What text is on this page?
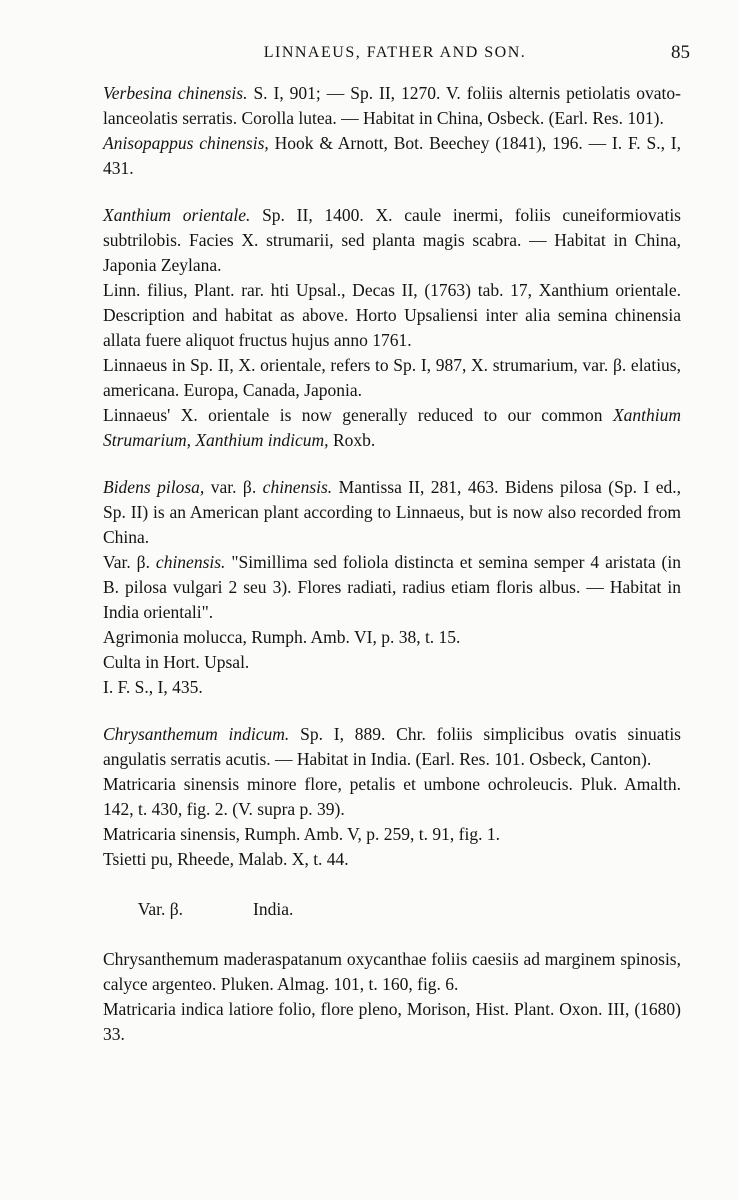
LINNAEUS, FATHER AND SON.	85

Verbesina chinensis. S. I, 901; — Sp. II, 1270. V. foliis alternis petiolatis ovato-lanceolatis serratis. Corolla lutea. — Habitat in China, Osbeck. (Earl. Res. 101).

Anisopappus chinensis, Hook & Arnott, Bot. Beechey (1841), 196. — I. F. S., I, 431.

Xanthium orientale. Sp. II, 1400. X. caule inermi, foliis cuneiformiovatis subtrilobis. Facies X. strumarii, sed planta magis scabra. — Habitat in China, Japonia Zeylana.

Linn. filius, Plant. rar. hti Upsal., Decas II, (1763) tab. 17, Xanthium orientale. Description and habitat as above. Horto Upsaliensi inter alia semina chinensia allata fuere aliquot fructus hujus anno 1761.

Linnaeus in Sp. II, X. orientale, refers to Sp. I, 987, X. strumarium, var. β. elatius, americana. Europa, Canada, Japonia.

Linnaeus' X. orientale is now generally reduced to our common Xanthium Strumarium, Xanthium indicum, Roxb.

Bidens pilosa, var. β. chinensis. Mantissa II, 281, 463. Bidens pilosa (Sp. I ed., Sp. II) is an American plant according to Linnaeus, but is now also recorded from China.

Var. β. chinensis. "Simillima sed foliola distincta et semina semper 4 aristata (in B. pilosa vulgari 2 seu 3). Flores radiati, radius etiam floris albus. — Habitat in India orientali".

Agrimonia molucca, Rumph. Amb. VI, p. 38, t. 15.

Culta in Hort. Upsal.

I. F. S., I, 435.

Chrysanthemum indicum. Sp. I, 889. Chr. foliis simplicibus ovatis sinuatis angulatis serratis acutis. — Habitat in India. (Earl. Res. 101. Osbeck, Canton).

Matricaria sinensis minore flore, petalis et umbone ochroleucis. Pluk. Amalth. 142, t. 430, fig. 2. (V. supra p. 39).

Matricaria sinensis, Rumph. Amb. V, p. 259, t. 91, fig. 1.

Tsietti pu, Rheede, Malab. X, t. 44.

Var. β.                India.

Chrysanthemum maderaspatanum oxycanthae foliis caesiis ad marginem spinosis, calyce argenteo. Pluken. Almag. 101, t. 160, fig. 6.

Matricaria indica latiore folio, flore pleno, Morison, Hist. Plant. Oxon. III, (1680) 33.
